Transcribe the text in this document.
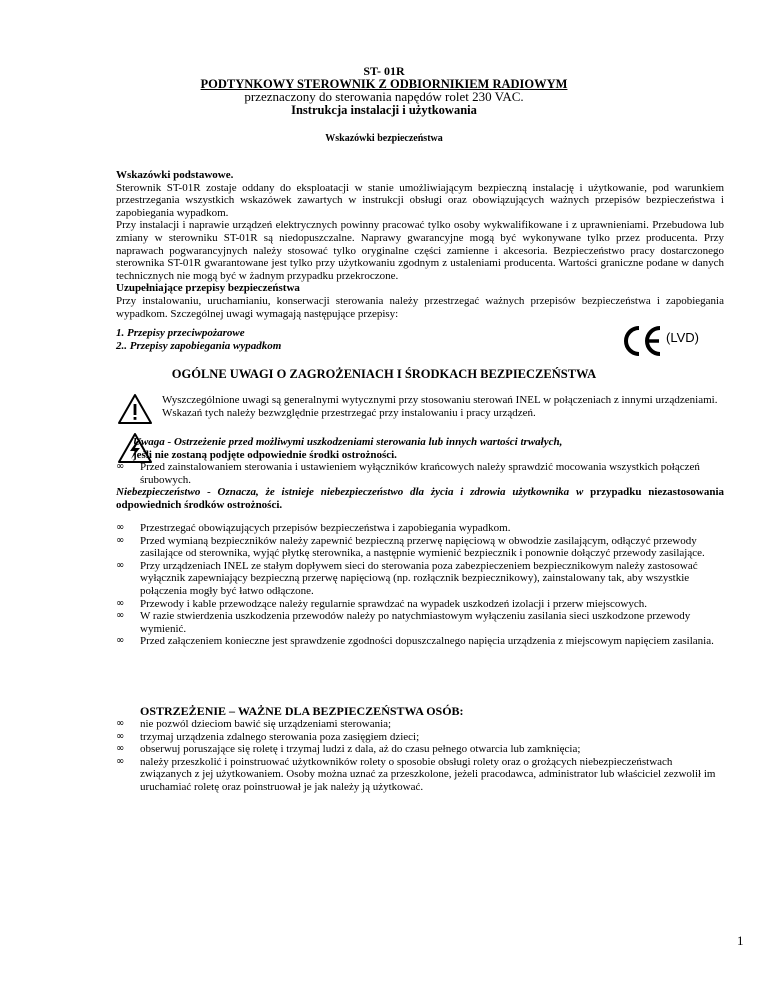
ST- 01R
PODTYNKOWY STEROWNIK Z ODBIORNIKIEM RADIOWYM
przeznaczony do sterowania napędów rolet 230 VAC.
Instrukcja instalacji i użytkowania
Wskazówki bezpieczeństwa
Wskazówki podstawowe.
Sterownik ST-01R zostaje oddany do eksploatacji w stanie umożliwiającym bezpieczną instalację i użytkowanie, pod warunkiem przestrzegania wszystkich wskazówek zawartych w instrukcji obsługi oraz obowiązujących ważnych przepisów bezpieczeństwa i zapobiegania wypadkom.
Przy instalacji i naprawie urządzeń elektrycznych powinny pracować tylko osoby wykwalifikowane i z uprawnieniami. Przebudowa lub zmiany w sterowniku ST-01R są niedopuszczalne. Naprawy gwarancyjne mogą być wykonywane tylko przez producenta. Przy naprawach pogwarancyjnych należy stosować tylko oryginalne części zamienne i akcesoria. Bezpieczeństwo pracy dostarczonego sterownika ST-01R gwarantowane jest tylko przy użytkowaniu zgodnym z ustaleniami producenta. Wartości graniczne podane w danych technicznych nie mogą być w żadnym przypadku przekroczone.
Uzupełniające przepisy bezpieczeństwa
Przy instalowaniu, uruchamianiu, konserwacji sterowania należy przestrzegać ważnych przepisów bezpieczeństwa i zapobiegania wypadkom. Szczególnej uwagi wymagają następujące przepisy:
1. Przepisy przeciwpożarowe
2.. Przepisy zapobiegania wypadkom
(LVD)
OGÓLNE UWAGI O ZAGROŻENIACH I ŚRODKACH BEZPIECZEŃSTWA
Wyszczególnione uwagi są generalnymi wytycznymi przy stosowaniu sterowań INEL w połączeniach z innymi urządzeniami.
Wskazań tych należy bezwzględnie przestrzegać przy instalowaniu i pracy urządzeń.
Uwaga - Ostrzeżenie przed możliwymi uszkodzeniami sterowania lub innych wartości trwałych,
jeśli nie zostaną podjęte odpowiednie środki ostrożności.
∞ Przed zainstalowaniem sterowania i ustawieniem wyłączników krańcowych należy sprawdzić mocowania wszystkich połączeń śrubowych.
Niebezpieczeństwo - Oznacza, że istnieje niebezpieczeństwo dla życia i zdrowia użytkownika w przypadku niezastosowania odpowiednich środków ostrożności.
∞ Przestrzegać obowiązujących przepisów bezpieczeństwa i zapobiegania wypadkom.
∞ Przed wymianą bezpieczników należy zapewnić bezpieczną przerwę napięciową w obwodzie zasilającym, odłączyć przewody zasilające od sterownika, wyjąć płytkę sterownika, a następnie wymienić bezpiecznik i ponownie dołączyć przewody zasilające.
∞ Przy urządzeniach INEL ze stałym dopływem sieci do sterowania poza zabezpieczeniem bezpiecznikowym należy zastosować wyłącznik zapewniający bezpieczną przerwę napięciową (np. rozłącznik bezpiecznikowy), zainstalowany tak, aby wszystkie połączenia mogły być łatwo odłączone.
∞ Przewody i kable przewodzące należy regularnie sprawdzać na wypadek uszkodzeń izolacji i przerw miejscowych.
∞ W razie stwierdzenia uszkodzenia przewodów należy po natychmiastowym wyłączeniu zasilania sieci uszkodzone przewody wymienić.
∞ Przed załączeniem konieczne jest sprawdzenie zgodności dopuszczalnego napięcia urządzenia z miejscowym napięciem zasilania.
OSTRZEŻENIE – WAŻNE DLA BEZPIECZEŃSTWA OSÓB:
∞ nie pozwól dzieciom bawić się urządzeniami sterowania;
∞ trzymaj urządzenia zdalnego sterowania poza zasięgiem dzieci;
∞ obserwuj poruszające się roletę i trzymaj ludzi z dala, aż do czasu pełnego otwarcia lub zamknięcia;
∞ należy przeszkolić i poinstruować użytkowników rolety o sposobie obsługi rolety oraz o grożących niebezpieczeństwach związanych z jej użytkowaniem. Osoby można uznać za przeszkolone, jeżeli pracodawca, administrator lub właściciel zezwolił im uruchamiać roletę oraz poinstruował je jak należy ją użytkować.
1
